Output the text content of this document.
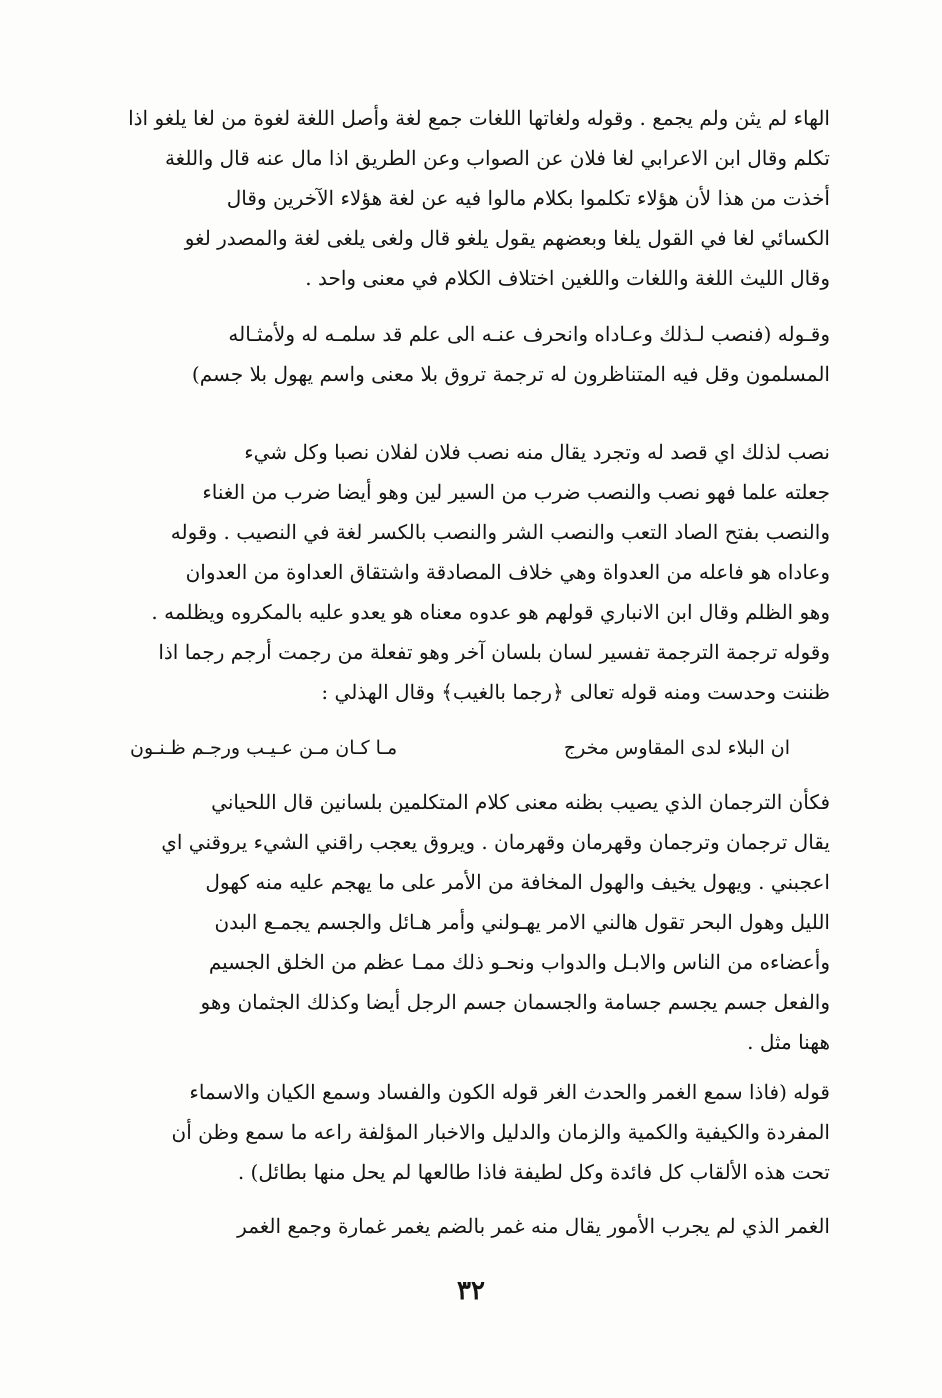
الهاء لم يثن ولم يجمع . وقوله ولغاتها اللغات جمع لغة وأصل اللغة لغوة من لغا يلغو اذا
تكلم وقال ابن الاعرابي لغا فلان عن الصواب وعن الطريق اذا مال عنه قال واللغة
أخذت من هذا لأن هؤلاء تكلموا بكلام مالوا فيه عن لغة هؤلاء الآخرين وقال
الكسائي لغا في القول يلغا وبعضهم يقول يلغو قال ولغى يلغى لغة والمصدر لغو
وقال الليث اللغة واللغات واللغين اختلاف الكلام في معنى واحد .
وقـوله (فنصب لـذلك وعـاداه وانحرف عنـه الى علم قد سلمـه له ولأمثـاله
المسلمون وقل فيه المتناظرون له ترجمة تروق بلا معنى واسم يهول بلا جسم)
نصب لذلك اي قصد له وتجرد يقال منه نصب فلان لفلان نصبا وكل شيء
جعلته علما فهو نصب والنصب ضرب من السير لين وهو أيضا ضرب من الغناء
والنصب بفتح الصاد التعب والنصب الشر والنصب بالكسر لغة في النصيب . وقوله
وعاداه هو فاعله من العدواة وهي خلاف المصادقة واشتقاق العداوة من العدوان
وهو الظلم وقال ابن الانباري قولهم هو عدوه معناه هو يعدو عليه بالمكروه ويظلمه .
وقوله ترجمة الترجمة تفسير لسان بلسان آخر وهو تفعلة من رجمت أرجم رجما اذا
ظننت وحدست ومنه قوله تعالى ﴿رجما بالغيب﴾ وقال الهذلي :
ان البلاء لدى المقاوس مخرج
مـا كـان مـن عـيـب ورجـم ظـنـون
فكأن الترجمان الذي يصيب بظنه معنى كلام المتكلمين بلسانين قال اللحياني
يقال ترجمان وترجمان وقهرمان وقهرمان . ويروق يعجب راقني الشيء يروقني اي
اعجبني . ويهول يخيف والهول المخافة من الأمر على ما يهجم عليه منه كهول
الليل وهول البحر تقول هالني الامر يهـولني وأمر هـائل والجسم يجمـع البدن
وأعضاءه من الناس والابـل والدواب ونحـو ذلك ممـا عظم من الخلق الجسيم
والفعل جسم يجسم جسامة والجسمان جسم الرجل أيضا وكذلك الجثمان وهو
ههنا مثل .
قوله (فاذا سمع الغمر والحدث الغر قوله الكون والفساد وسمع الكيان والاسماء
المفردة والكيفية والكمية والزمان والدليل والاخبار المؤلفة راعه ما سمع وظن أن
تحت هذه الألقاب كل فائدة وكل لطيفة فاذا طالعها لم يحل منها بطائل) .
الغمر الذي لم يجرب الأمور يقال منه غمر بالضم يغمر غمارة وجمع الغمر
٣٢
